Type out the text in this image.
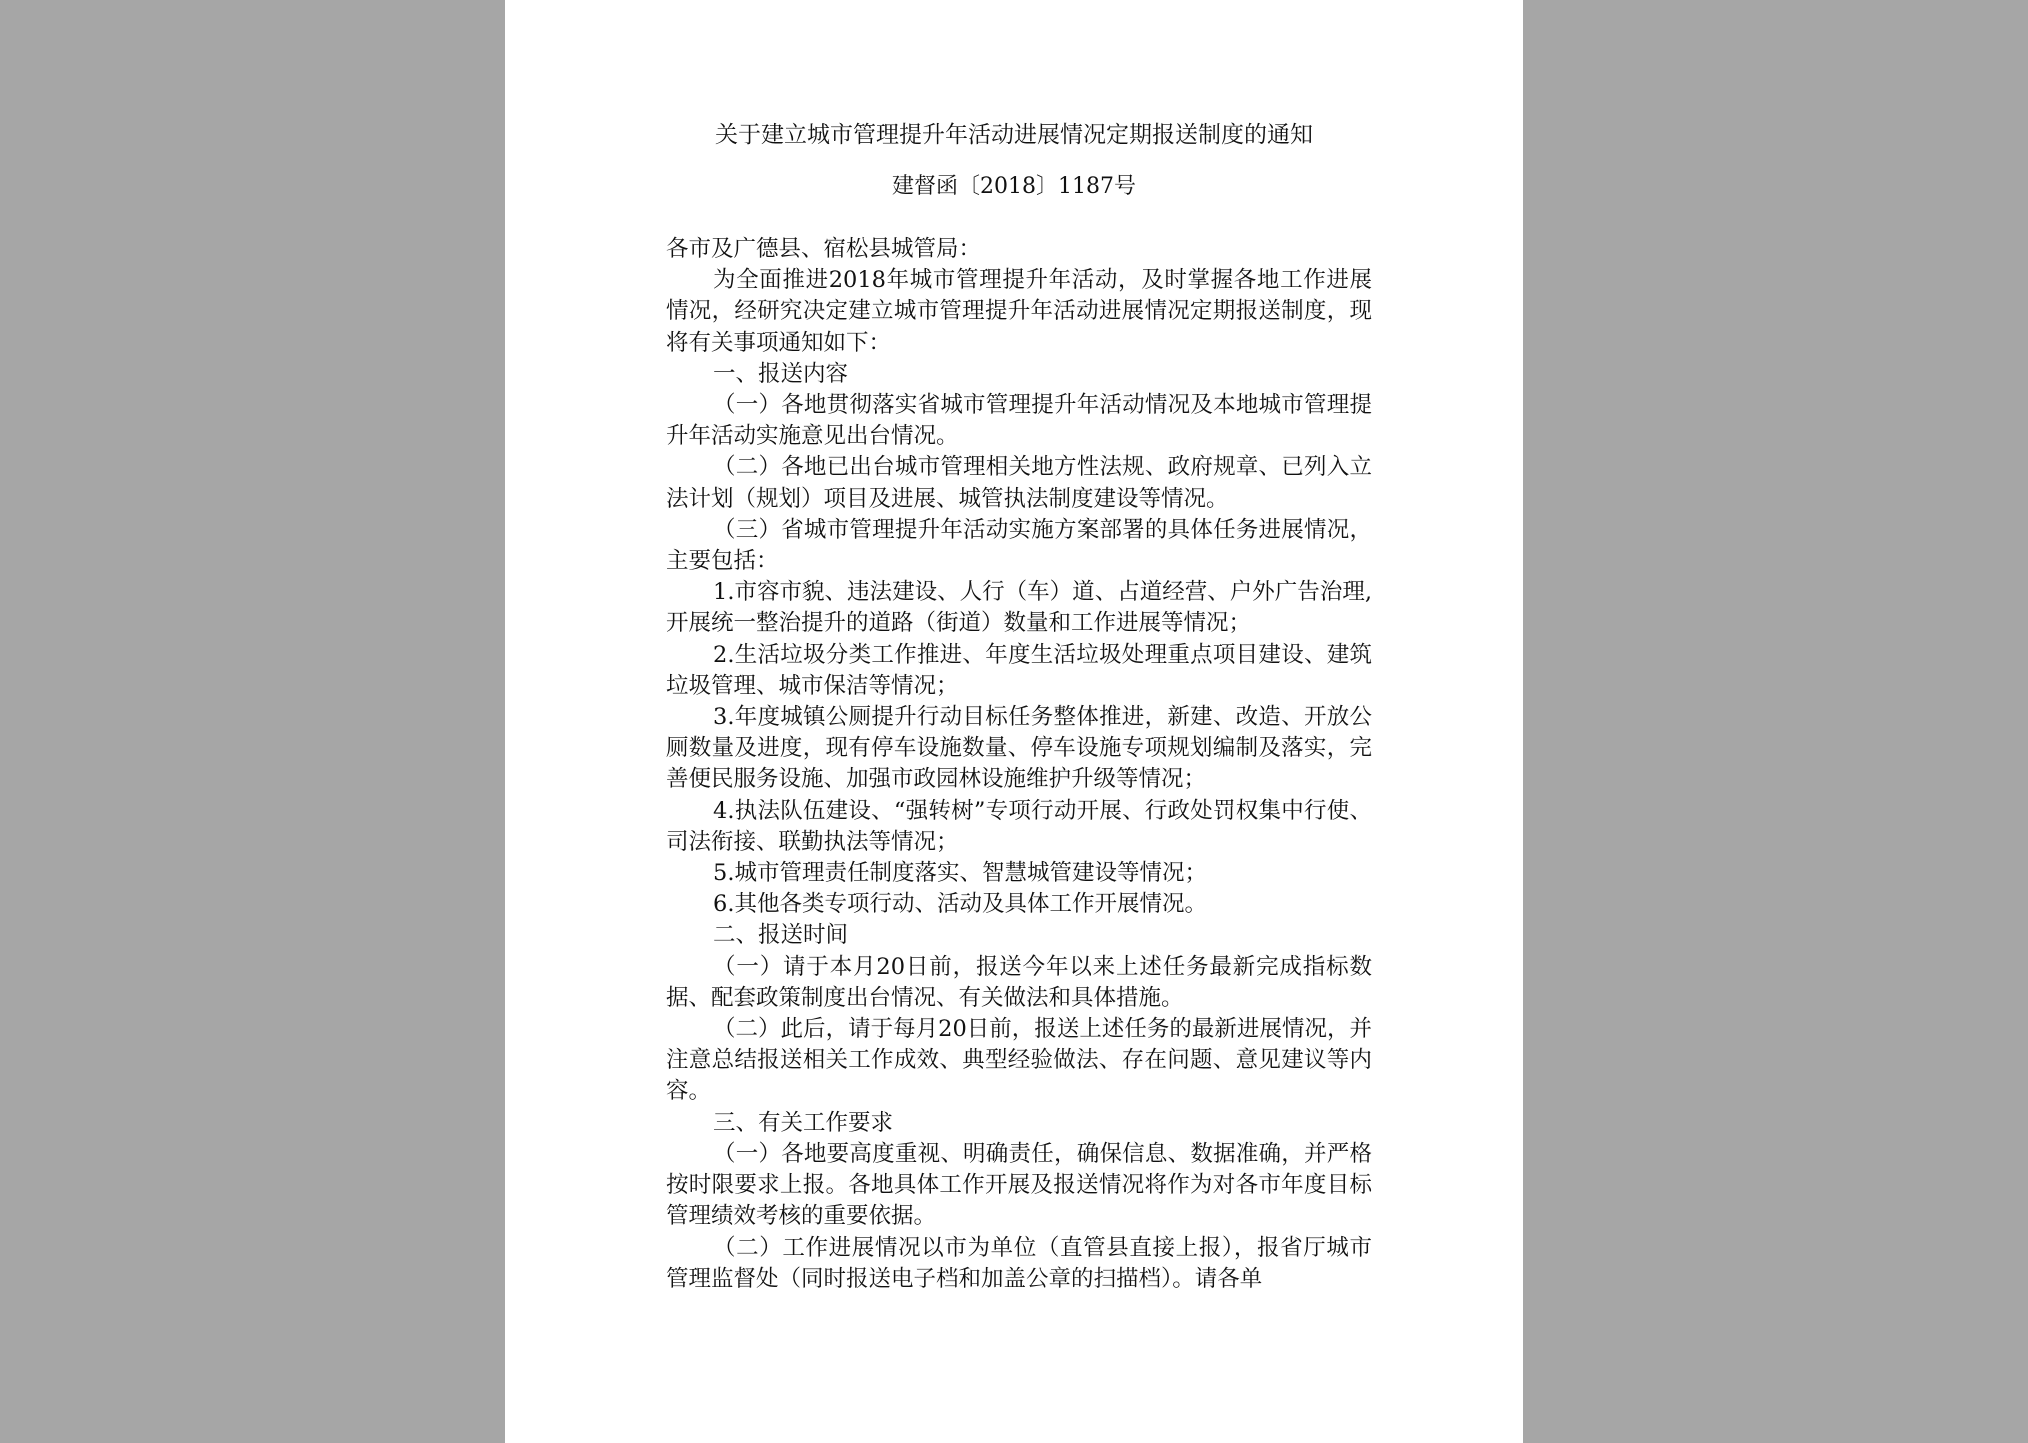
关于建立城市管理提升年活动进展情况定期报送制度的通知
建督函〔2018〕1187号

各市及广德县、宿松县城管局：

为全面推进2018年城市管理提升年活动，及时掌握各地工作进展情况，经研究决定建立城市管理提升年活动进展情况定期报送制度，现将有关事项通知如下：

一、报送内容

（一）各地贯彻落实省城市管理提升年活动情况及本地城市管理提升年活动实施意见出台情况。

（二）各地已出台城市管理相关地方性法规、政府规章、已列入立法计划（规划）项目及进展、城管执法制度建设等情况。

（三）省城市管理提升年活动实施方案部署的具体任务进展情况，主要包括：

1.市容市貌、违法建设、人行（车）道、占道经营、户外广告治理,开展统一整治提升的道路（街道）数量和工作进展等情况；

2.生活垃圾分类工作推进、年度生活垃圾处理重点项目建设、建筑垃圾管理、城市保洁等情况；

3.年度城镇公厕提升行动目标任务整体推进，新建、改造、开放公厕数量及进度，现有停车设施数量、停车设施专项规划编制及落实，完善便民服务设施、加强市政园林设施维护升级等情况；

4.执法队伍建设、“强转树”专项行动开展、行政处罚权集中行使、司法衔接、联勤执法等情况；

5.城市管理责任制度落实、智慧城管建设等情况；

6.其他各类专项行动、活动及具体工作开展情况。

二、报送时间

（一）请于本月20日前，报送今年以来上述任务最新完成指标数据、配套政策制度出台情况、有关做法和具体措施。

（二）此后，请于每月20日前，报送上述任务的最新进展情况，并注意总结报送相关工作成效、典型经验做法、存在问题、意见建议等内容。

三、有关工作要求

（一）各地要高度重视、明确责任，确保信息、数据准确，并严格按时限要求上报。各地具体工作开展及报送情况将作为对各市年度目标管理绩效考核的重要依据。

（二）工作进展情况以市为单位（直管县直接上报），报省厅城市管理监督处（同时报送电子档和加盖公章的扫描档）。请各单
